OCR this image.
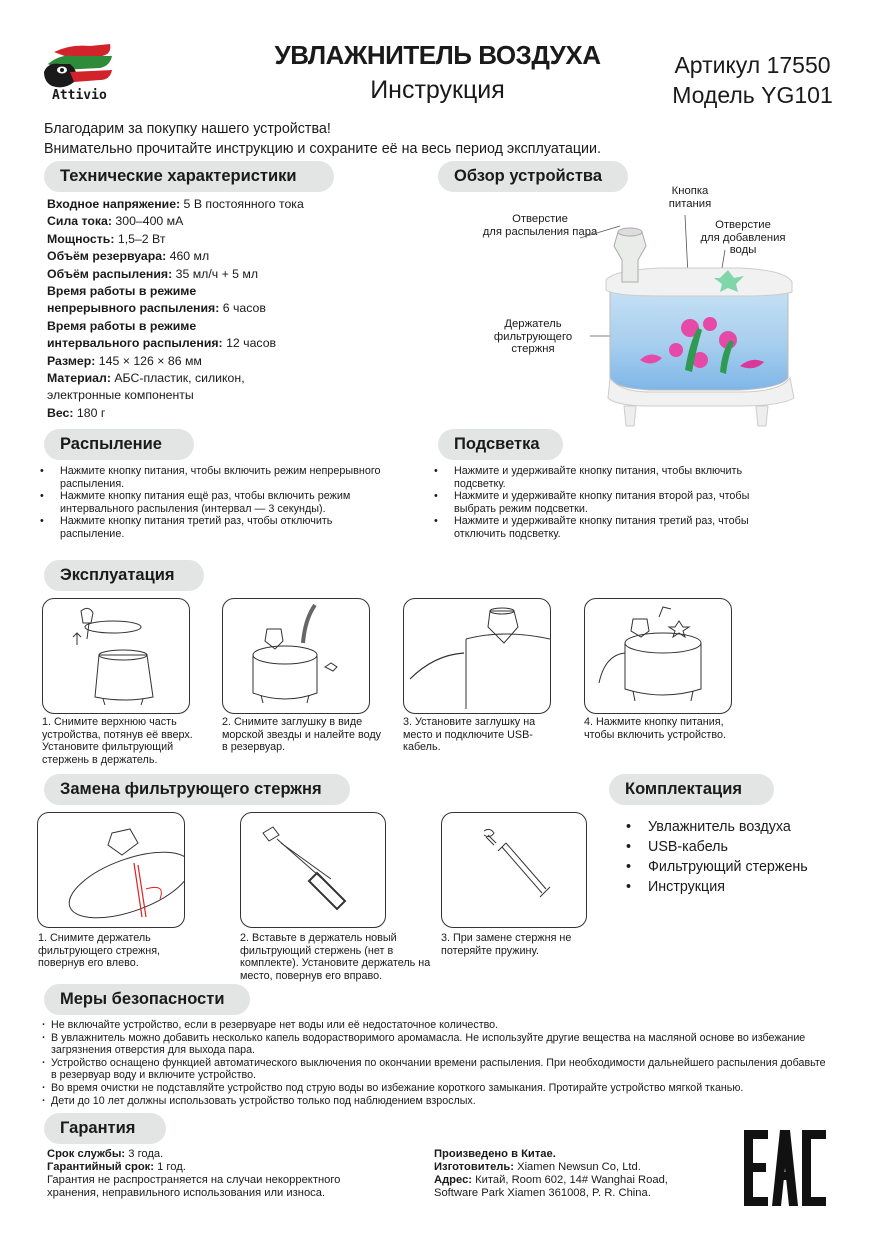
Attivio
УВЛАЖНИТЕЛЬ ВОЗДУХА
Инструкция
Артикул 17550
Модель YG101
Благодарим за покупку нашего устройства!
Внимательно прочитайте инструкцию и сохраните её на весь период эксплуатации.
Технические характеристики
Входное напряжение: 5 В постоянного тока
Сила тока: 300–400 мА
Мощность: 1,5–2 Вт
Объём резервуара: 460 мл
Объём распыления: 35 мл/ч + 5 мл
Время работы в режиме
непрерывного распыления: 6 часов
Время работы в режиме
интервального распыления: 12 часов
Размер: 145 × 126 × 86 мм
Материал: АБС-пластик, силикон,
электронные компоненты
Вес: 180 г
Обзор устройства
Отверстие
для распыления пара
Кнопка
питания
Отверстие
для добавления
воды
Держатель
фильтрующего
стержня
Распыление
• Нажмите кнопку питания, чтобы включить режим непрерывного распыления.
• Нажмите кнопку питания ещё раз, чтобы включить режим интервального распыления (интервал — 3 секунды).
• Нажмите кнопку питания третий раз, чтобы отключить распыление.
Подсветка
• Нажмите и удерживайте кнопку питания, чтобы включить подсветку.
• Нажмите и удерживайте кнопку питания второй раз, чтобы выбрать режим подсветки.
• Нажмите и удерживайте кнопку питания третий раз, чтобы отключить подсветку.
Эксплуатация
1. Снимите верхнюю часть устройства, потянув её вверх. Установите фильтрующий стержень в держатель.
2. Снимите заглушку в виде морской звезды и налейте воду в резервуар.
3. Установите заглушку на место и подключите USB-кабель.
4. Нажмите кнопку питания, чтобы включить устройство.
Замена фильтрующего стержня
1. Снимите держатель фильтрующего стрежня, повернув его влево.
2. Вставьте в держатель новый фильтрующий стержень (нет в комплекте). Установите держатель на место, повернув его вправо.
3. При замене стержня не потеряйте пружину.
Комплектация
• Увлажнитель воздуха
• USB-кабель
• Фильтрующий стержень
• Инструкция
Меры безопасности
· Не включайте устройство, если в резервуаре нет воды или её недостаточное количество.
· В увлажнитель можно добавить несколько капель водорастворимого аромамасла. Не используйте другие вещества на масляной основе во избежание загрязнения отверстия для выхода пара.
· Устройство оснащено функцией автоматического выключения по окончании времени распыления. При необходимости дальнейшего распыления добавьте в резервуар воду и включите устройство.
· Во время очистки не подставляйте устройство под струю воды во избежание короткого замыкания. Протирайте устройство мягкой тканью.
· Дети до 10 лет должны использовать устройство только под наблюдением взрослых.
Гарантия
Срок службы: 3 года.
Гарантийный срок: 1 год.
Гарантия не распространяется на случаи некорректного хранения, неправильного использования или износа.
Произведено в Китае.
Изготовитель: Xiamen Newsun Co, Ltd.
Адрес: Китай, Room 602, 14# Wanghai Road,
Software Park Xiamen 361008, P. R. China.
